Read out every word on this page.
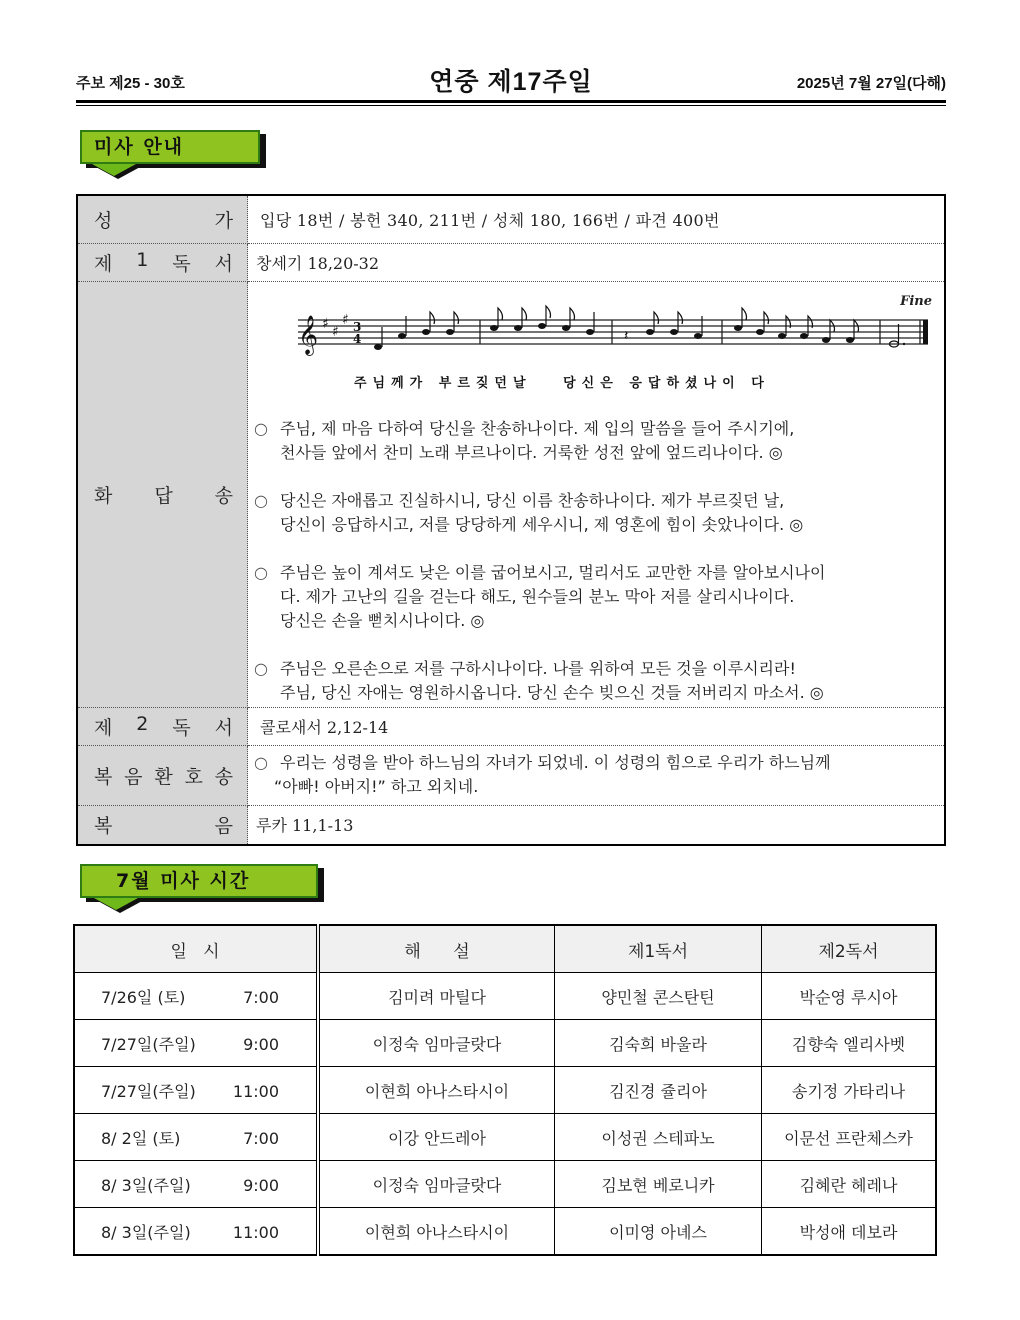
주보 제25 - 30호	연중 제17주일	2025년 7월 27일(다해)
미사 안내
성 가	입당 18번 / 봉헌 340, 211번 / 성체 180, 166번 / 파견 400번

제 1 독 서	창세기 18,20-32

화 답 송

𝄞 ♯ ♯
♯ 3
4	𝄽
Fine
주님께가 부르짖던날   당신은 응답하셨나이 다
○ 주님, 제 마음 다하여 당신을 찬송하나이다. 제 입의 말씀을 들어 주시기에,
천사들 앞에서 찬미 노래 부르나이다. 거룩한 성전 앞에 엎드리나이다. ◎
○ 당신은 자애롭고 진실하시니, 당신 이름 찬송하나이다. 제가 부르짖던 날,
당신이 응답하시고, 저를 당당하게 세우시니, 제 영혼에 힘이 솟았나이다. ◎
○ 주님은 높이 계셔도 낮은 이를 굽어보시고, 멀리서도 교만한 자를 알아보시나이
다. 제가 고난의 길을 걷는다 해도, 원수들의 분노 막아 저를 살리시나이다.
당신은 손을 뻗치시나이다. ◎
○ 주님은 오른손으로 저를 구하시나이다. 나를 위하여 모든 것을 이루시리라!
주님, 당신 자애는 영원하시옵니다. 당신 손수 빚으신 것들 저버리지 마소서. ◎

제 2 독 서	콜로새서 2,12-14

복 음 환 호 송

○ 우리는 성령을 받아 하느님의 자녀가 되었네. 이 성령의 힘으로 우리가 하느님께
“아빠! 아버지!” 하고 외치네.

복 음	루카 11,1-13
7월 미사 시간
일   시	해      설	제1독서	제2독서
7/26일 (토) 7:00	김미려 마틸다	양민철 콘스탄틴	박순영 루시아
7/27일(주일) 9:00	이정숙 임마글랏다	김숙희 바울라	김향숙 엘리사벳
7/27일(주일) 11:00	이현희 아나스타시이	김진경 쥴리아	송기정 가타리나
8/ 2일 (토) 7:00	이강 안드레아	이성권 스테파노	이문선 프란체스카
8/ 3일(주일) 9:00	이정숙 임마글랏다	김보현 베로니카	김혜란 헤레나
8/ 3일(주일) 11:00	이현희 아나스타시이	이미영 아녜스	박성애 데보라
